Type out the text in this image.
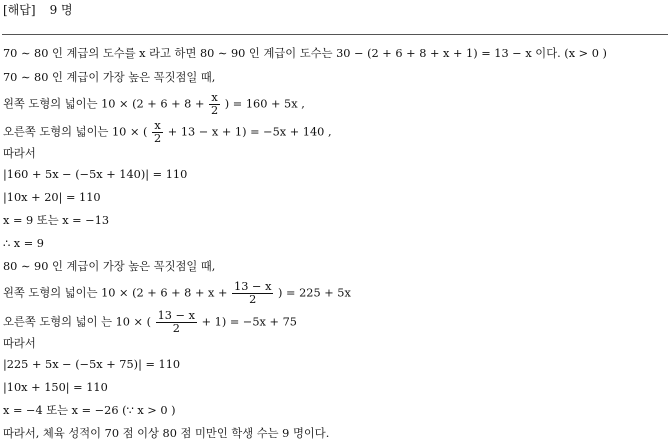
[해답] 9 명
70 ∼ 80 인 계급의 도수를 x 라고 하면 80 ∼ 90 인 계급이 도수는 30 − (2 + 6 + 8 + x + 1) = 13 − x 이다. (x > 0 )
70 ∼ 80 인 계급이 가장 높은 꼭짓점일 때,
왼쪽 도형의 넓이는 $10 \times (2 + 6 + 8 + \frac{x}{2}$ ) = 160 + 5x ,
오른쪽 도형의 넓이는 10 × ( $\frac{x}{2} + 13 - x + 1) = -5x + 140$ ,
따라서
|160 + 5x − (−5x + 140)| = 110
|10x + 20| = 110
x = 9 또는 x = −13
∴ x = 9
80 ∼ 90 인 계급이 가장 높은 꼭짓점일 때,
왼쪽 도형의 넓이는 $10 \times (2 + 6 + 8 + x + \frac{13 - x}{2}$ ) = 225 + 5x
오른쪽 도형의 넓이 는 10 × ( $\frac{13 - x}{2} + 1) = -5x + 75$
따라서
|225 + 5x − (−5x + 75)| = 110
|10x + 150| = 110
x = −4 또는 x = −26 (∵ x > 0 )
따라서, 체육 성적이 70 점 이상 80 점 미만인 학생 수는 9 명이다.
